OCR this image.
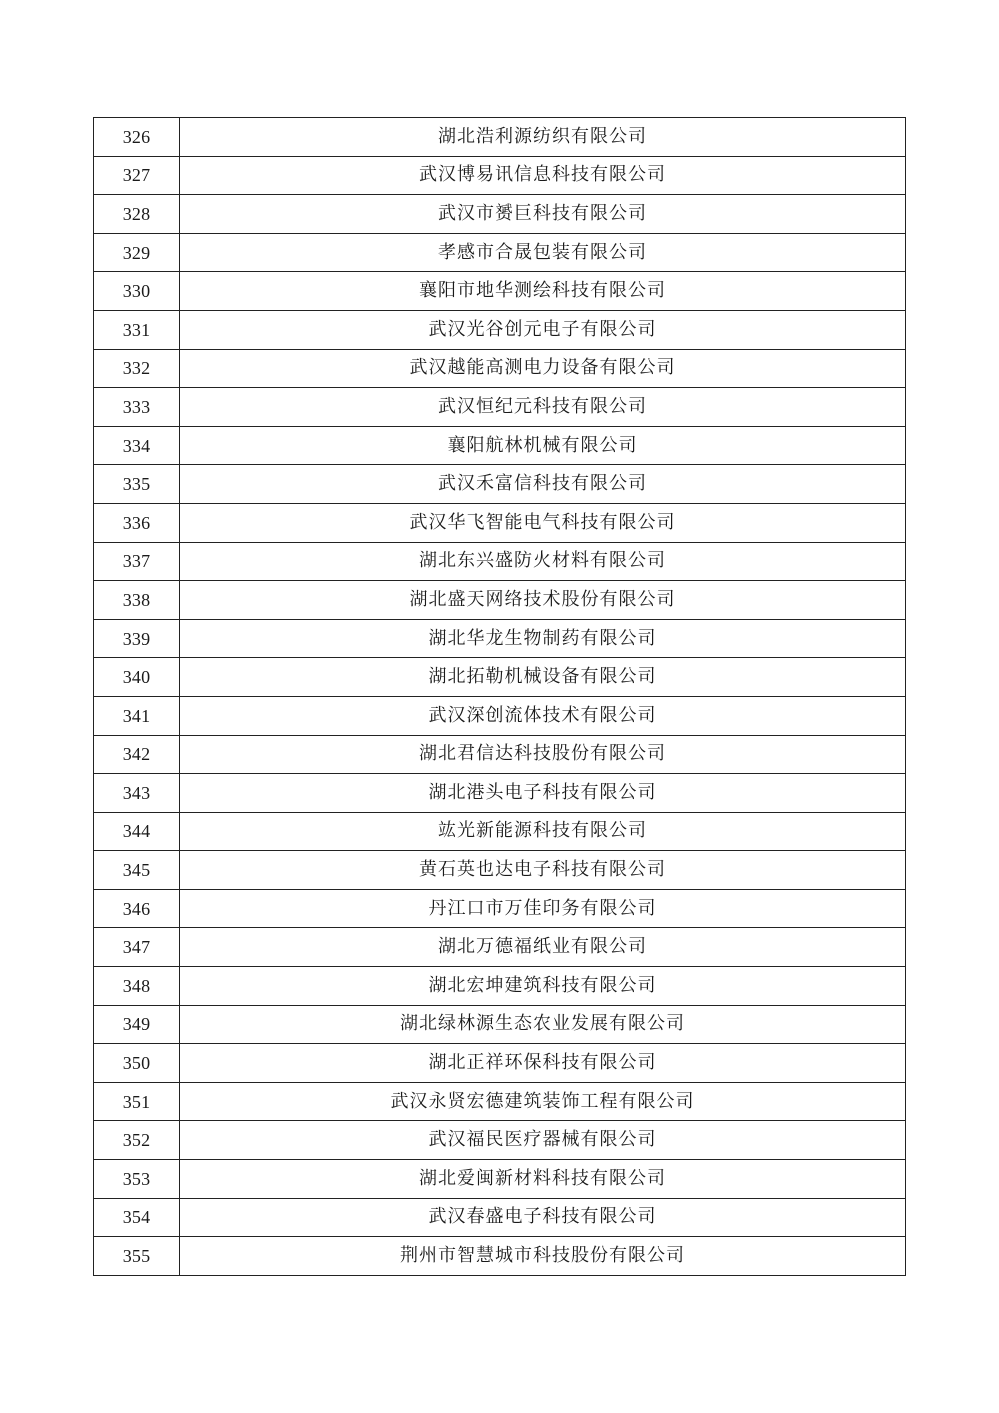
326	湖北浩利源纺织有限公司
327	武汉博易讯信息科技有限公司
328	武汉市赟巨科技有限公司
329	孝感市合晟包装有限公司
330	襄阳市地华测绘科技有限公司
331	武汉光谷创元电子有限公司
332	武汉越能高测电力设备有限公司
333	武汉恒纪元科技有限公司
334	襄阳航林机械有限公司
335	武汉禾富信科技有限公司
336	武汉华飞智能电气科技有限公司
337	湖北东兴盛防火材料有限公司
338	湖北盛天网络技术股份有限公司
339	湖北华龙生物制药有限公司
340	湖北拓勒机械设备有限公司
341	武汉深创流体技术有限公司
342	湖北君信达科技股份有限公司
343	湖北港头电子科技有限公司
344	竑光新能源科技有限公司
345	黄石英也达电子科技有限公司
346	丹江口市万佳印务有限公司
347	湖北万德福纸业有限公司
348	湖北宏坤建筑科技有限公司
349	湖北绿林源生态农业发展有限公司
350	湖北正祥环保科技有限公司
351	武汉永贤宏德建筑装饰工程有限公司
352	武汉福民医疗器械有限公司
353	湖北爱闽新材料科技有限公司
354	武汉春盛电子科技有限公司
355	荆州市智慧城市科技股份有限公司
